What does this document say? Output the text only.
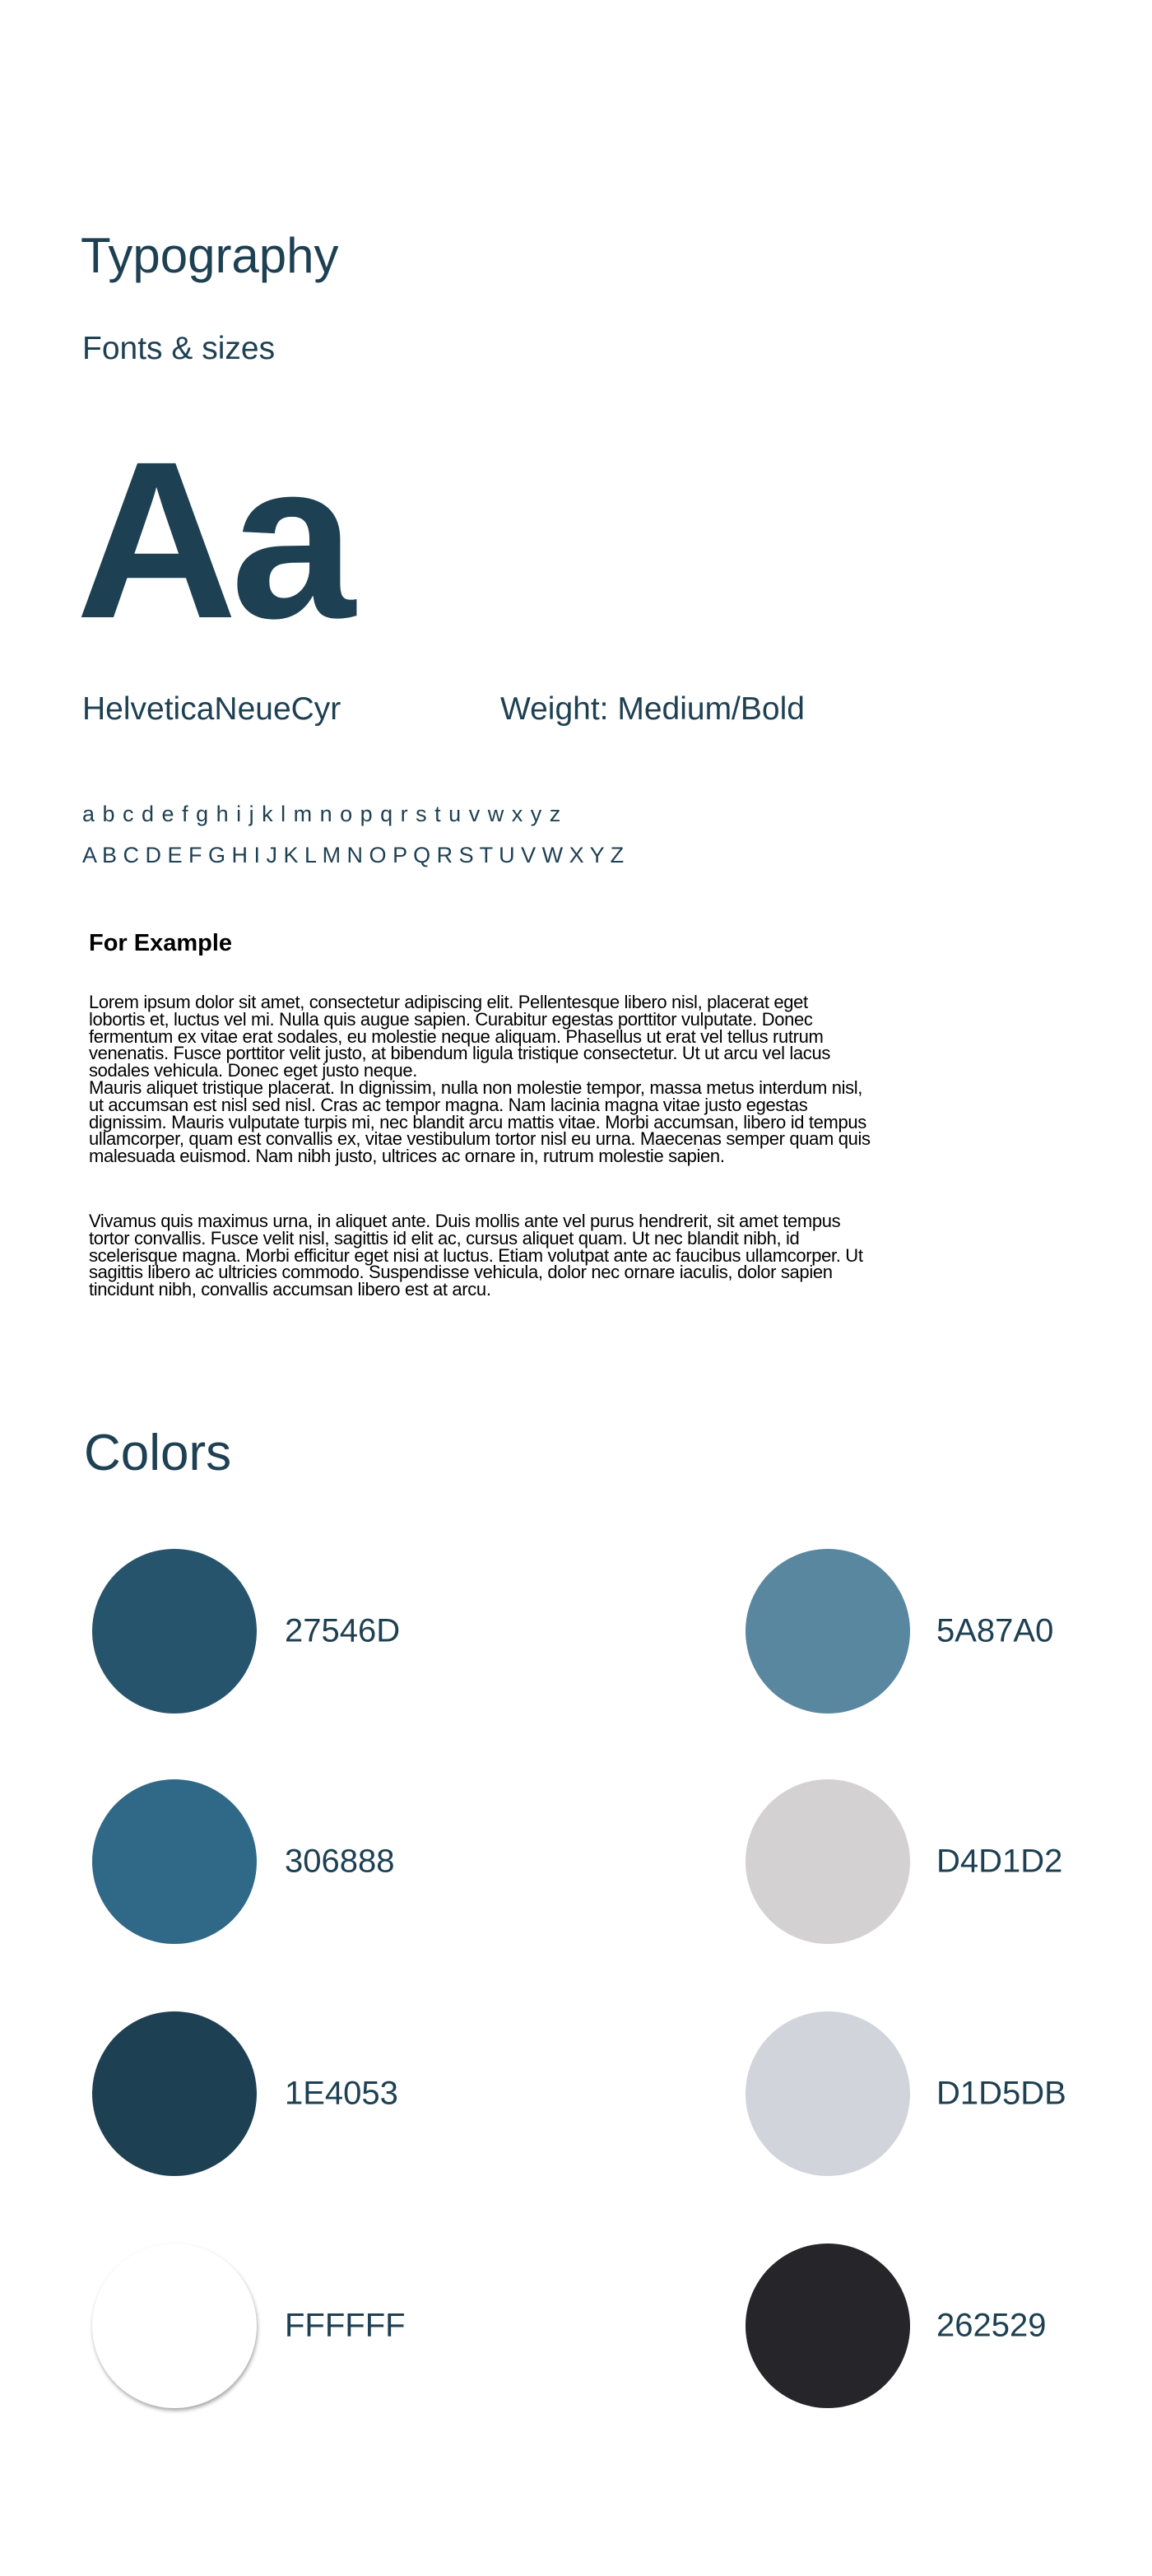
Typography
Fonts & sizes
Aa
HelveticaNeueCyr	Weight: Medium/Bold
a b c d e f g h i j k l m n o p q r s t u v w x y z
A B C D E F G H I J K L M N O P Q R S T U V W X Y Z
For Example
Lorem ipsum dolor sit amet, consectetur adipiscing elit. Pellentesque libero nisl, placerat eget
lobortis et, luctus vel mi. Nulla quis augue sapien. Curabitur egestas porttitor vulputate. Donec
fermentum ex vitae erat sodales, eu molestie neque aliquam. Phasellus ut erat vel tellus rutrum
venenatis. Fusce porttitor velit justo, at bibendum ligula tristique consectetur. Ut ut arcu vel lacus
sodales vehicula. Donec eget justo neque.
Mauris aliquet tristique placerat. In dignissim, nulla non molestie tempor, massa metus interdum nisl,
ut accumsan est nisl sed nisl. Cras ac tempor magna. Nam lacinia magna vitae justo egestas
dignissim. Mauris vulputate turpis mi, nec blandit arcu mattis vitae. Morbi accumsan, libero id tempus
ullamcorper, quam est convallis ex, vitae vestibulum tortor nisl eu urna. Maecenas semper quam quis
malesuada euismod. Nam nibh justo, ultrices ac ornare in, rutrum molestie sapien.
Vivamus quis maximus urna, in aliquet ante. Duis mollis ante vel purus hendrerit, sit amet tempus
tortor convallis. Fusce velit nisl, sagittis id elit ac, cursus aliquet quam. Ut nec blandit nibh, id
scelerisque magna. Morbi efficitur eget nisi at luctus. Etiam volutpat ante ac faucibus ullamcorper. Ut
sagittis libero ac ultricies commodo. Suspendisse vehicula, dolor nec ornare iaculis, dolor sapien
tincidunt nibh, convallis accumsan libero est at arcu.
Colors
27546D
306888
1E4053
FFFFFF
5A87A0
D4D1D2
D1D5DB
262529
